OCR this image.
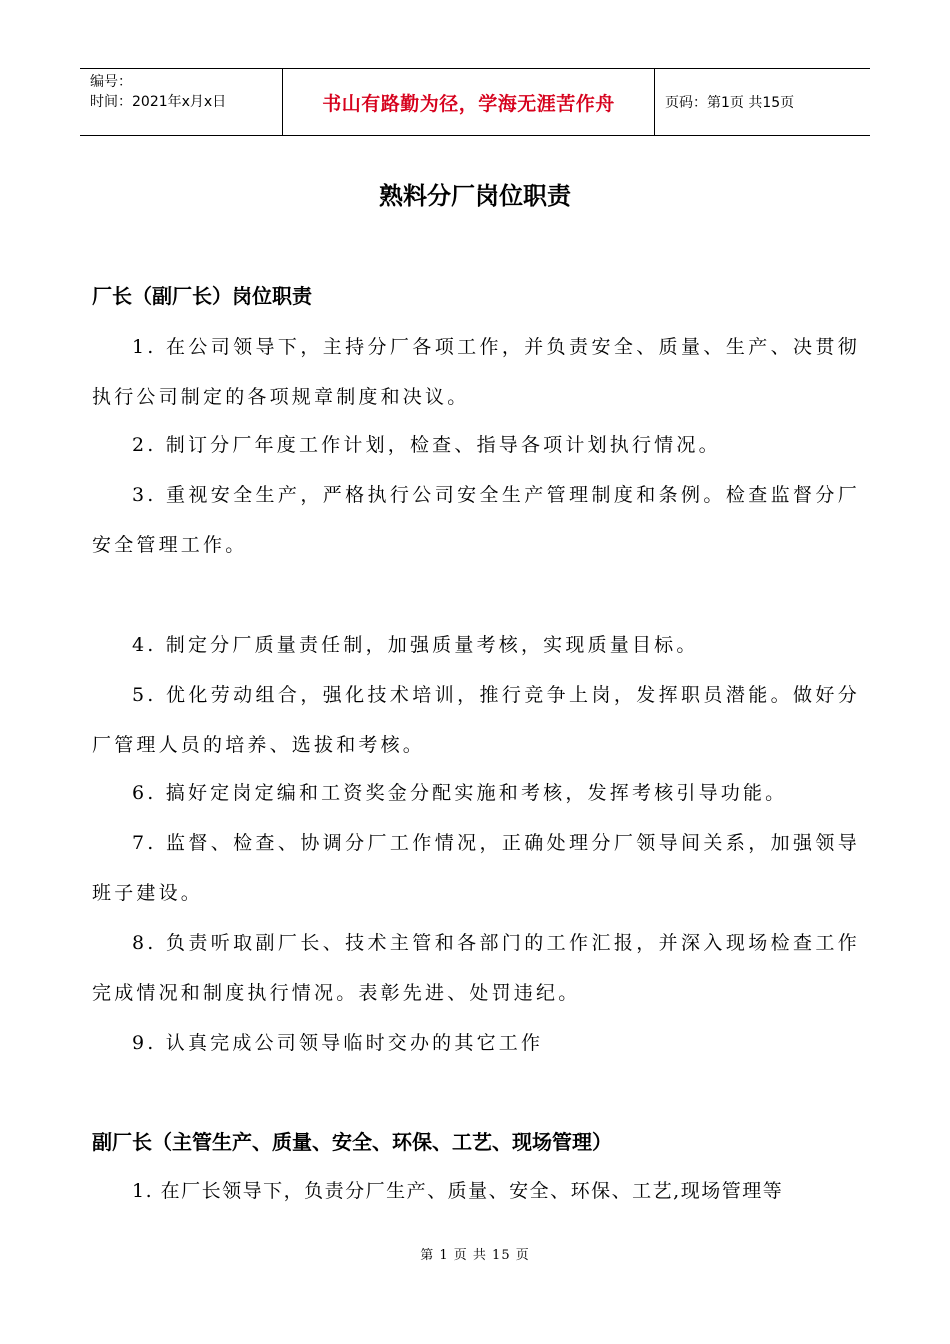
编号：
时间：2021年x月x日	书山有路勤为径，学海无涯苦作舟	页码：第1页 共15页
熟料分厂岗位职责
厂长（副厂长）岗位职责
1. 在公司领导下，主持分厂各项工作，并负责安全、质量、生产、决贯彻执行公司制定的各项规章制度和决议。
2. 制订分厂年度工作计划，检查、指导各项计划执行情况。
3. 重视安全生产，严格执行公司安全生产管理制度和条例。检查监督分厂安全管理工作。
4. 制定分厂质量责任制，加强质量考核，实现质量目标。
5. 优化劳动组合，强化技术培训，推行竞争上岗，发挥职员潜能。做好分厂管理人员的培养、选拔和考核。
6. 搞好定岗定编和工资奖金分配实施和考核，发挥考核引导功能。
7. 监督、检查、协调分厂工作情况，正确处理分厂领导间关系，加强领导班子建设。
8. 负责听取副厂长、技术主管和各部门的工作汇报，并深入现场检查工作完成情况和制度执行情况。表彰先进、处罚违纪。
9. 认真完成公司领导临时交办的其它工作
副厂长（主管生产、质量、安全、环保、工艺、现场管理）
1. 在厂长领导下，负责分厂生产、质量、安全、环保、工艺,现场管理等
第 1 页 共 15 页
